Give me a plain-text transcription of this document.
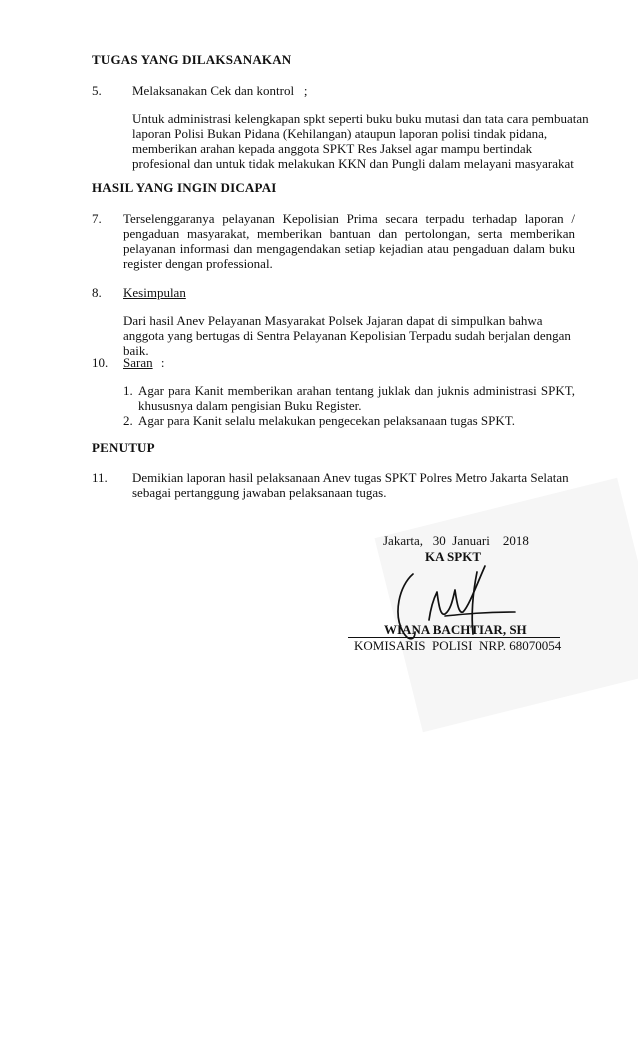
TUGAS YANG DILAKSANAKAN
5. Melaksanakan Cek dan kontrol   ;
Untuk administrasi kelengkapan spkt seperti buku buku mutasi dan tata cara pembuatan
laporan Polisi Bukan Pidana (Kehilangan) ataupun laporan polisi tindak pidana,
memberikan arahan kepada anggota SPKT Res Jaksel agar mampu bertindak
profesional dan untuk tidak melakukan KKN dan Pungli dalam melayani masyarakat
HASIL YANG INGIN DICAPAI
7. Terselenggaranya pelayanan Kepolisian Prima secara terpadu terhadap laporan / pengaduan masyarakat, memberikan bantuan dan pertolongan, serta memberikan pelayanan informasi dan mengagendakan setiap kejadian atau pengaduan dalam buku register dengan professional.
8. Kesimpulan
Dari hasil Anev Pelayanan Masyarakat Polsek Jajaran dapat di simpulkan bahwa anggota yang bertugas di Sentra Pelayanan Kepolisian Terpadu sudah berjalan dengan baik.
10. Saran :
1. Agar para Kanit memberikan arahan tentang juklak dan juknis administrasi SPKT, khususnya dalam pengisian Buku Register.
2. Agar para Kanit selalu melakukan pengecekan pelaksanaan tugas SPKT.
PENUTUP
11. Demikian laporan hasil pelaksanaan Anev tugas SPKT Polres Metro Jakarta Selatan sebagai pertanggung jawaban pelaksanaan tugas.
Jakarta,   30  Januari    2018
KA SPKT
WIANA BACHTIAR, SH
KOMISARIS  POLISI  NRP. 68070054
